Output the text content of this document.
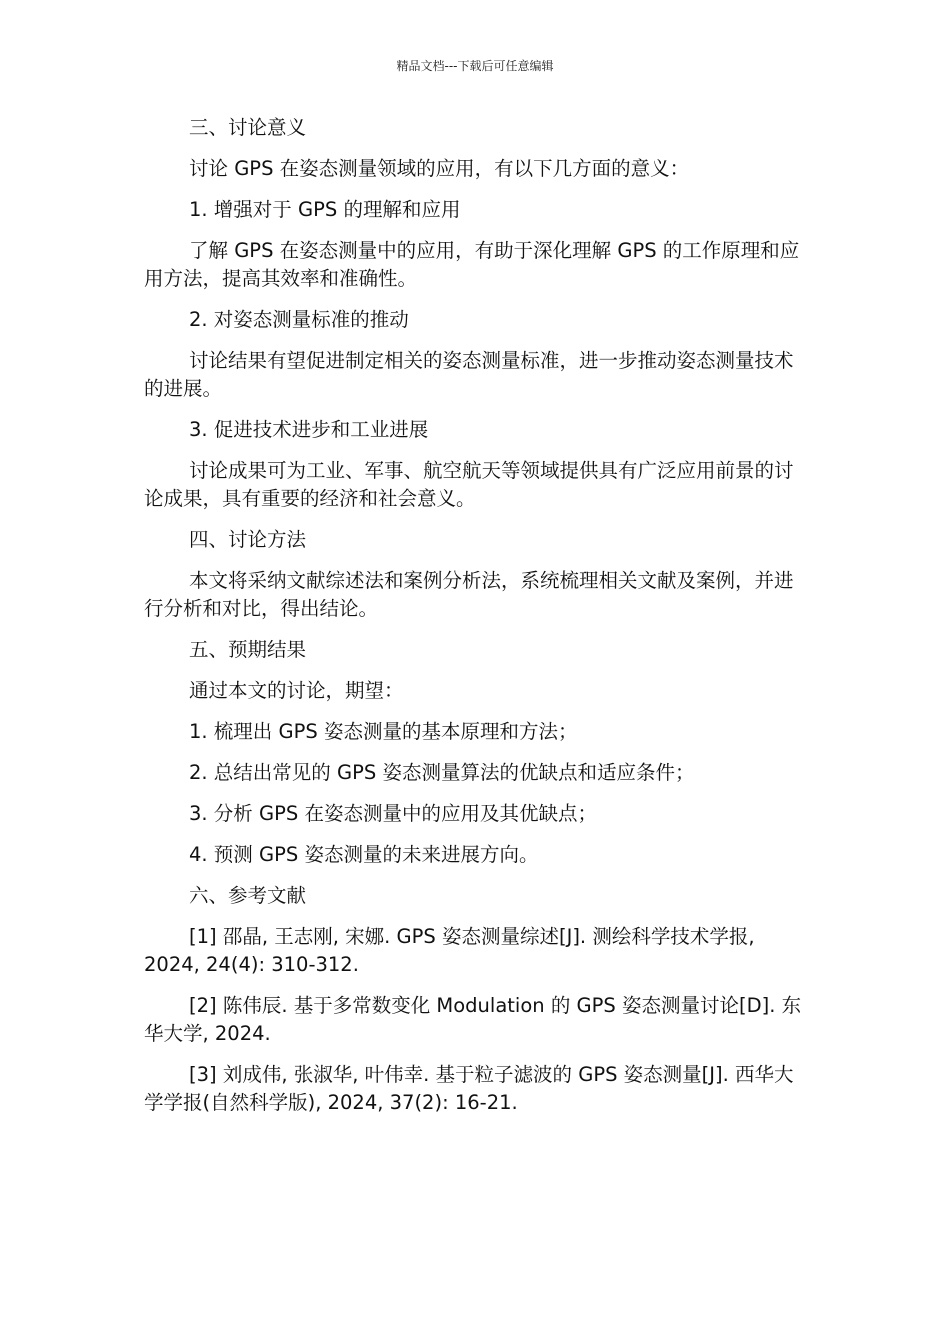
精品文档---下载后可任意编辑

三、讨论意义

讨论 GPS 在姿态测量领域的应用，有以下几方面的意义：

1. 增强对于 GPS 的理解和应用

了解 GPS 在姿态测量中的应用，有助于深化理解 GPS 的工作原理和应用方法，提高其效率和准确性。

2. 对姿态测量标准的推动

讨论结果有望促进制定相关的姿态测量标准，进一步推动姿态测量技术的进展。

3. 促进技术进步和工业进展

讨论成果可为工业、军事、航空航天等领域提供具有广泛应用前景的讨论成果，具有重要的经济和社会意义。

四、讨论方法

本文将采纳文献综述法和案例分析法，系统梳理相关文献及案例，并进行分析和对比，得出结论。

五、预期结果

通过本文的讨论，期望：

1. 梳理出 GPS 姿态测量的基本原理和方法；

2. 总结出常见的 GPS 姿态测量算法的优缺点和适应条件；

3. 分析 GPS 在姿态测量中的应用及其优缺点；

4. 预测 GPS 姿态测量的未来进展方向。

六、参考文献

[1] 邵晶, 王志刚, 宋娜. GPS 姿态测量综述[J]. 测绘科学技术学报, 2024, 24(4): 310-312.

[2] 陈伟辰. 基于多常数变化 Modulation 的 GPS 姿态测量讨论[D]. 东华大学, 2024.

[3] 刘成伟, 张淑华, 叶伟幸. 基于粒子滤波的 GPS 姿态测量[J]. 西华大学学报(自然科学版), 2024, 37(2): 16-21.
